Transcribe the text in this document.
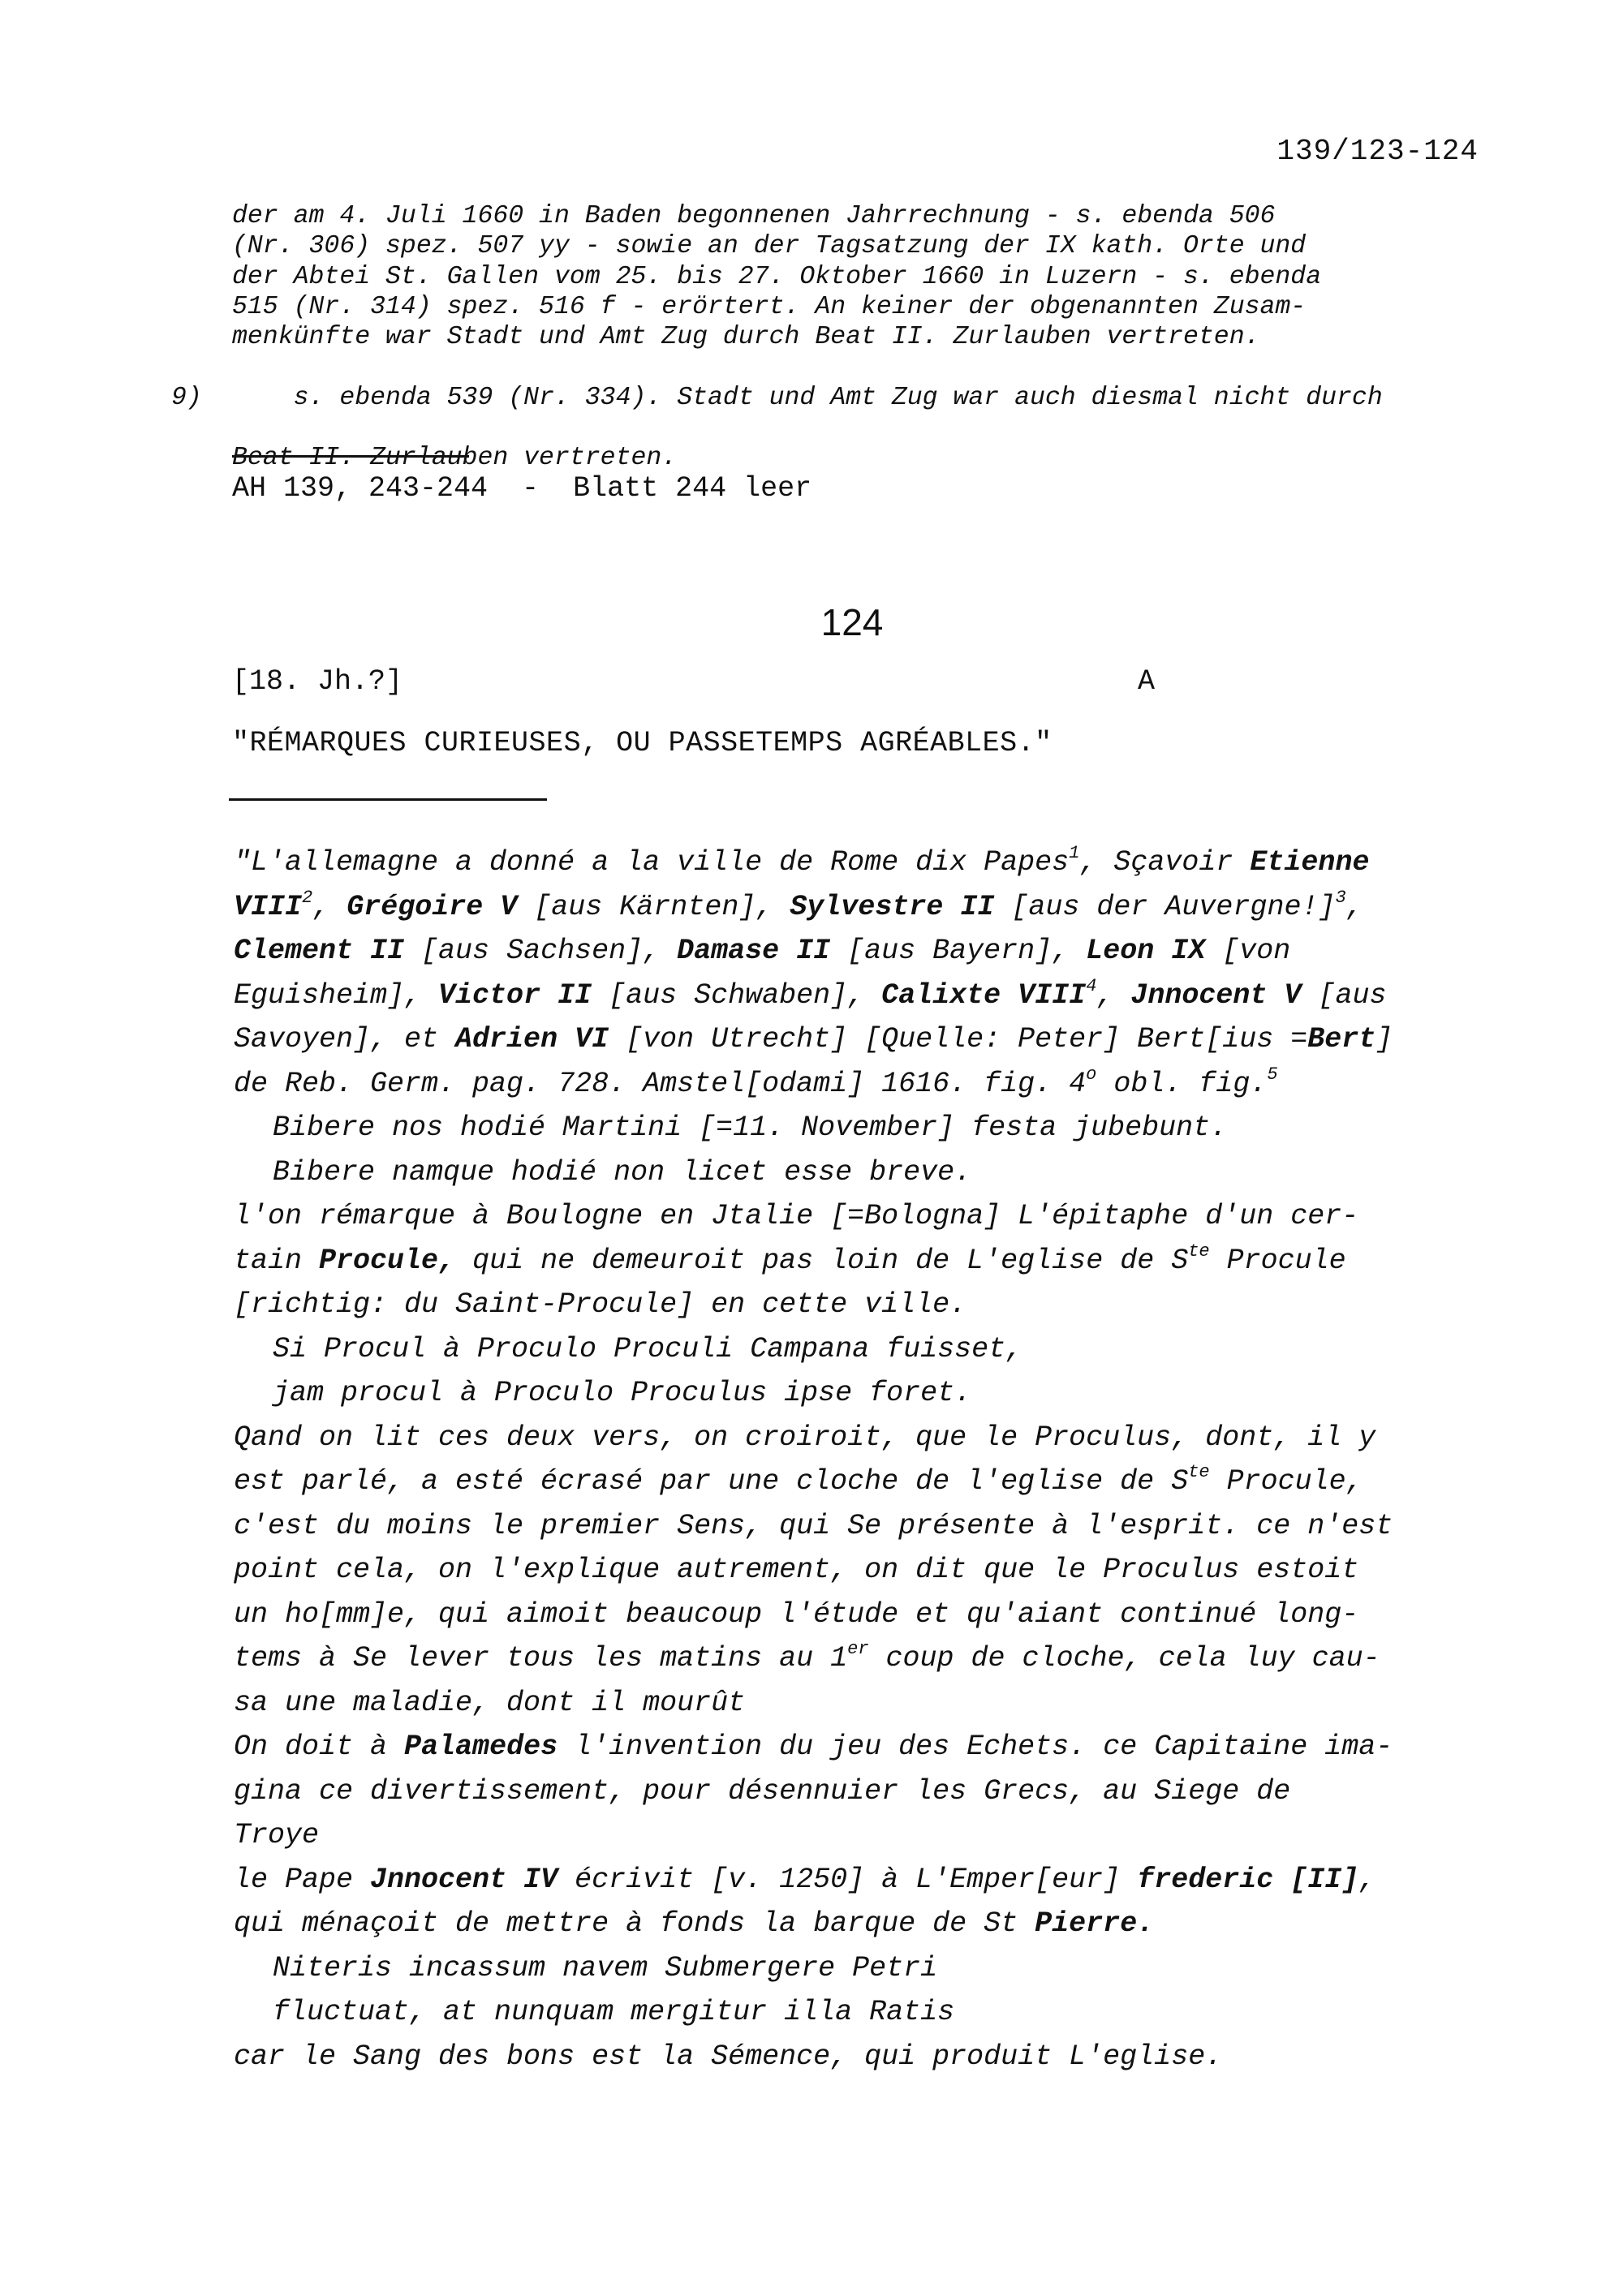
139/123-124
der am 4. Juli 1660 in Baden begonnenen Jahrrechnung - s. ebenda 506
(Nr. 306) spez. 507 yy - sowie an der Tagsatzung der IX kath. Orte und
der Abtei St. Gallen vom 25. bis 27. Oktober 1660 in Luzern - s. ebenda
515 (Nr. 314) spez. 516 f - erörtert. An keiner der obgenannten Zusam-
menkünfte war Stadt und Amt Zug durch Beat II. Zurlauben vertreten.

9)	s. ebenda 539 (Nr. 334). Stadt und Amt Zug war auch diesmal nicht durch

Beat II. Zurlauben vertreten.
AH 139, 243-244  -  Blatt 244 leer
124
[18. Jh.?]	A
"RÉMARQUES CURIEUSES, OU PASSETEMPS AGRÉABLES."
"L'allemagne a donné a la ville de Rome dix Papes$^1$, Sçavoir Etienne
VIII$^2$, Grégoire V [aus Kärnten], Sylvestre II [aus der Auvergne!]$^3$,
Clement II [aus Sachsen], Damase II [aus Bayern], Leon IX [von
Eguisheim], Victor II [aus Schwaben], Calixte VIII$^4$, Jnnocent V [aus
Savoyen], et Adrien VI [von Utrecht] [Quelle: Peter] Bert[ius =Bert]
de Reb. Germ. pag. 728. Amstel[odami] 1616. fig. 4$^o$ obl. fig.$^5$
Bibere nos hodié Martini [=11. November] festa jubebunt.
Bibere namque hodié non licet esse breve.
l'on rémarque à Boulogne en Jtalie [=Bologna] L'épitaphe d'un cer-
tain Procule, qui ne demeuroit pas loin de L'eglise de $S^{te}$ Procule
[richtig: du Saint-Procule] en cette ville.
Si Procul à Proculo Proculi Campana fuisset,
jam procul à Proculo Proculus ipse foret.
Qand on lit ces deux vers, on croiroit, que le Proculus, dont, il y
est parlé, a esté écrasé par une cloche de l'eglise de $S^{te}$ Procule,
c'est du moins le premier Sens, qui Se présente à l'esprit. ce n'est
point cela, on l'explique autrement, on dit que le Proculus estoit
un ho[mm]e, qui aimoit beaucoup l'étude et qu'aiant continué long-
tems à Se lever tous les matins au 1er coup de cloche, cela luy cau-
sa une maladie, dont il mourût
On doit à Palamedes l'invention du jeu des Echets. ce Capitaine ima-
gina ce divertissement, pour désennuier les Grecs, au Siege de
Troye
le Pape Jnnocent IV écrivit [v. 1250] à L'Emper[eur] frederic [II],
qui ménaçoit de mettre à fonds la barque de St Pierre.
Niteris incassum navem Submergere Petri
fluctuat, at nunquam mergitur illa Ratis
car le Sang des bons est la Sémence, qui produit L'eglise.
